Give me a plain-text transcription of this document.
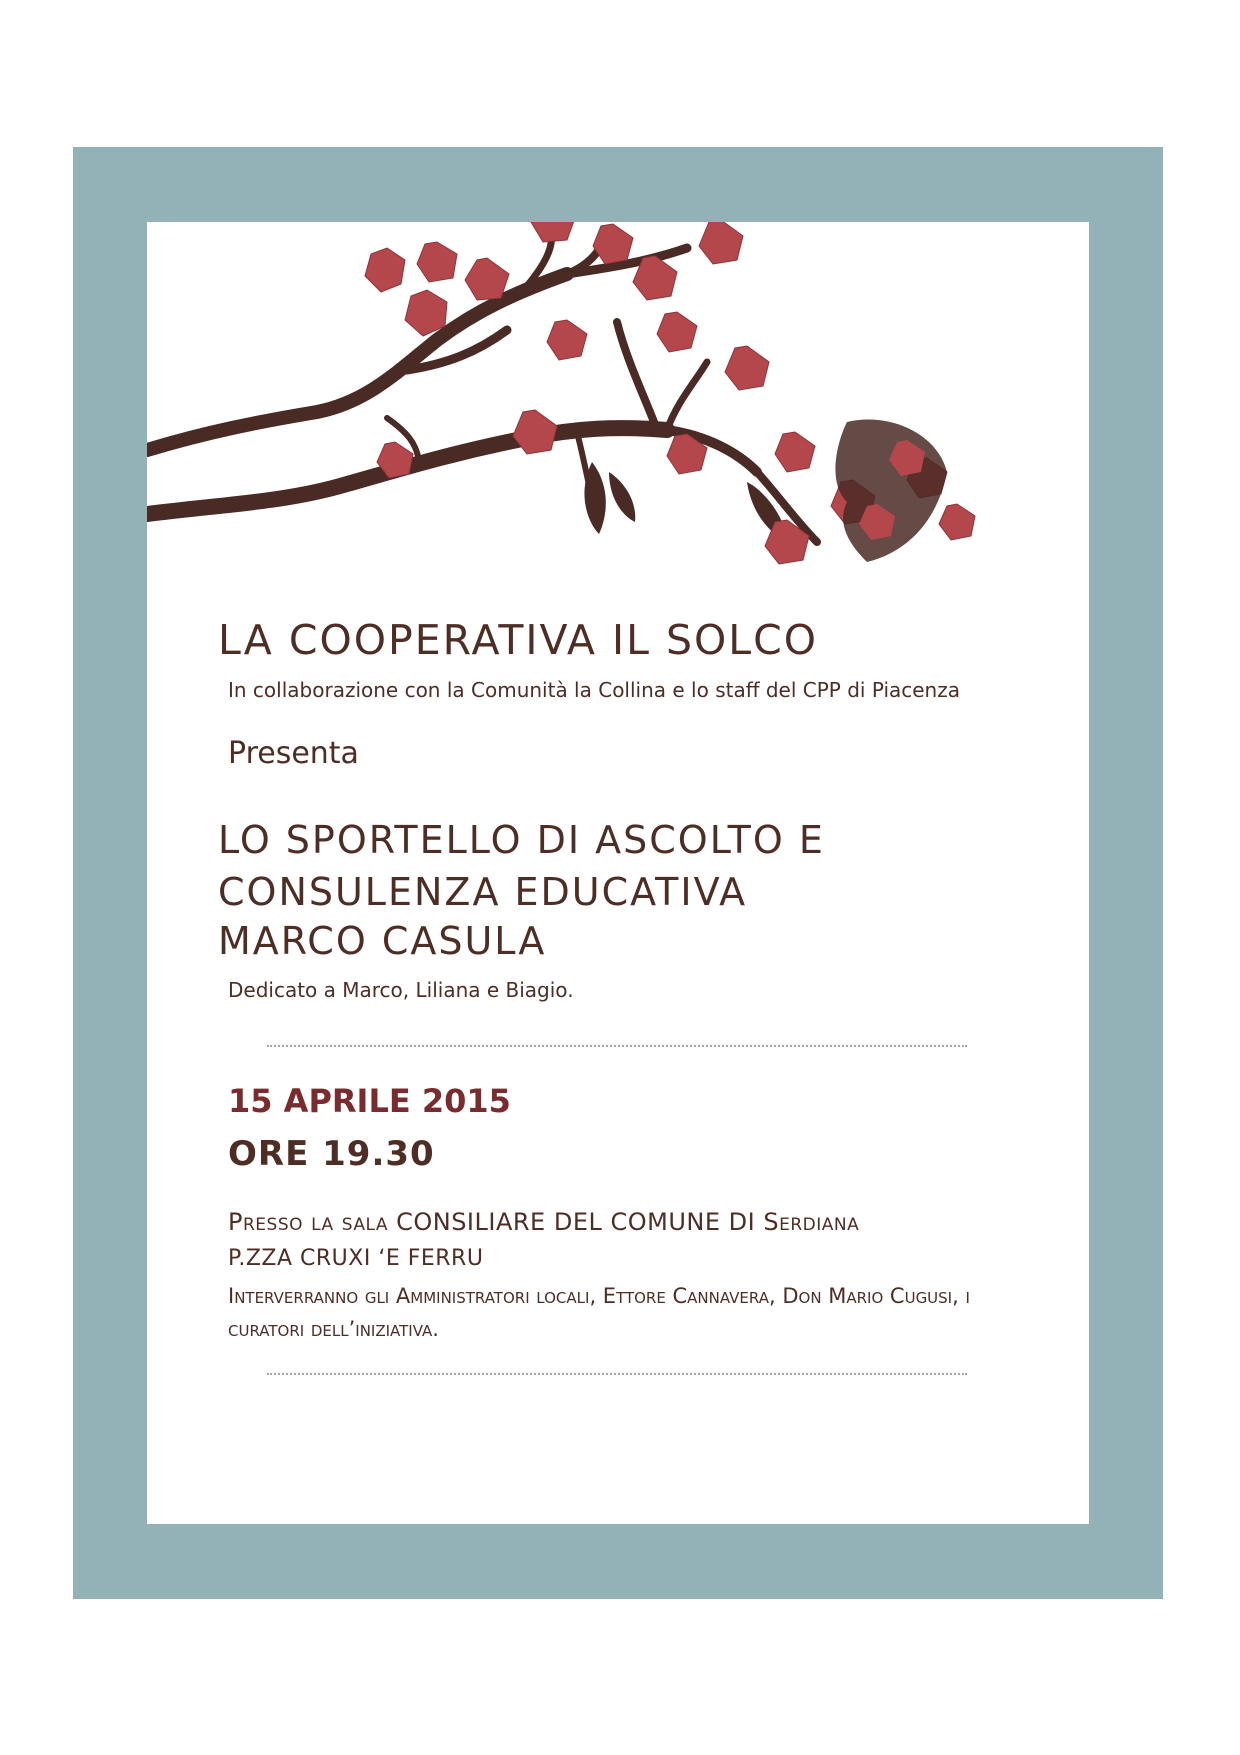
LA COOPERATIVA IL SOLCO
In collaborazione con la Comunità la Collina e lo staff del CPP di Piacenza
Presenta
LO SPORTELLO DI ASCOLTO E
CONSULENZA EDUCATIVA
MARCO CASULA
Dedicato a Marco, Liliana e Biagio.
15 APRILE 2015
ORE 19.30
Presso la sala CONSILIARE DEL COMUNE DI Serdiana
P.ZZA CRUXI ‘E FERRU
Interverranno gli Amministratori locali, Ettore Cannavera, Don Mario Cugusi, i curatori dell’iniziativa.
